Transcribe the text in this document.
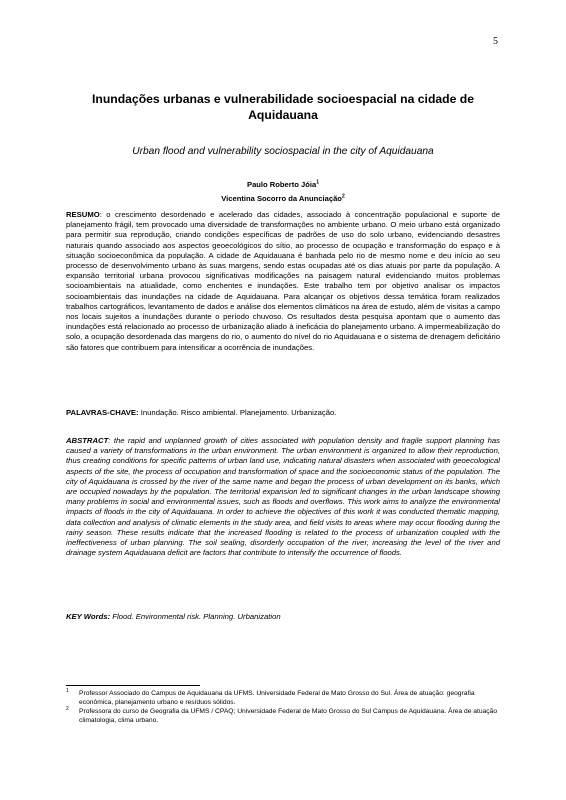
5
Inundações urbanas e vulnerabilidade socioespacial na cidade de Aquidauana
Urban flood and vulnerability sociospacial in the city of Aquidauana
Paulo Roberto Jóia$^1$
Vicentina Socorro da Anunciação$^2$

RESUMO: o crescimento desordenado e acelerado das cidades, associado à concentração populacional e suporte de planejamento frágil, tem provocado uma diversidade de transformações no ambiente urbano. O meio urbano está organizado para permitir sua reprodução, criando condições específicas de padrões de uso do solo urbano, evidenciando desastres naturais quando associado aos aspectos geoecológicos do sítio, ao processo de ocupação e transformação do espaço e à situação socioeconômica da população. A cidade de Aquidauana é banhada pelo rio de mesmo nome e deu início ao seu processo de desenvolvimento urbano às suas margens, sendo estas ocupadas até os dias atuais por parte da população. A expansão territorial urbana provocou significativas modificações na paisagem natural evidenciando muitos problemas socioambientais na atualidade, como enchentes e inundações. Este trabalho tem por objetivo analisar os impactos socioambientais das inundações na cidade de Aquidauana. Para alcançar os objetivos dessa temática foram realizados trabalhos cartográficos, levantamento de dados e análise dos elementos climáticos na área de estudo, além de visitas a campo nos locais sujeitos a inundações durante o período chuvoso. Os resultados desta pesquisa apontam que o aumento das inundações está relacionado ao processo de urbanização aliado à ineficácia do planejamento urbano. A impermeabilização do solo, a ocupação desordenada das margens do rio, o aumento do nível do rio Aquidauana e o sistema de drenagem deficitário são fatores que contribuem para intensificar a ocorrência de inundações.

PALAVRAS-CHAVE: Inundação. Risco ambiental. Planejamento. Urbanização.

ABSTRACT: the rapid and unplanned growth of cities associated with population density and fragile support planning has caused a variety of transformations in the urban environment. The urban environment is organized to allow their reproduction, thus creating conditions for specific patterns of urban land use, indicating natural disasters when associated with geoecological aspects of the site, the process of occupation and transformation of space and the socioeconomic status of the population. The city of Aquidauana is crossed by the river of the same name and began the process of urban development on its banks, which are occupied nowadays by the population. The territorial expansion led to significant changes in the urban landscape showing many problems in social and environmental issues, such as floods and overflows. This work aims to analyze the environmental impacts of floods in the city of Aquidauana. In order to achieve the objectives of this work it was conducted thematic mapping, data collection and analysis of climatic elements in the study area, and field visits to areas where may occur flooding during the rainy season. These results indicate that the increased flooding is related to the process of urbanization coupled with the ineffectiveness of urban planning. The soil sealing, disorderly occupation of the river, increasing the level of the river and drainage system Aquidauana deficit are factors that contribute to intensify the occurrence of floods.

KEY Words: Flood. Environmental risk. Planning. Urbanization

1 Professor Associado do Campus de Aquidauana da UFMS. Universidade Federal de Mato Grosso do Sul. Área de atuação: geografia econômica, planejamento urbano e resíduos sólidos.

2 Professora do curso de Geografia da UFMS / CPAQ; Universidade Federal de Mato Grosso do Sul Campus de Aquidauana. Área de atuação climatologia, clima urbano.
